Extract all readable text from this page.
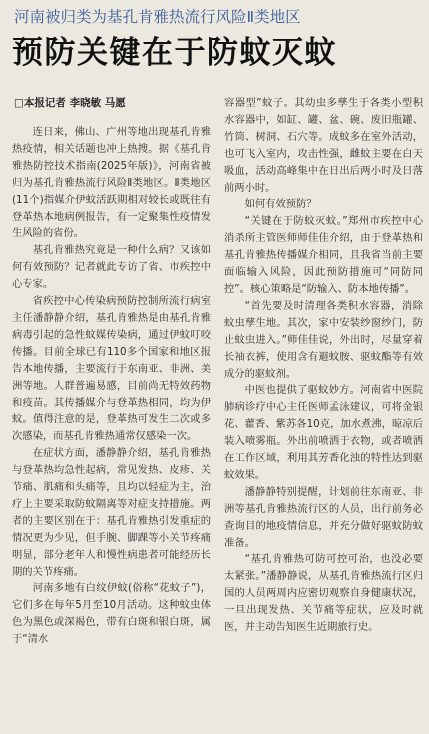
河南被归类为基孔肯雅热流行风险Ⅱ类地区
预防关键在于防蚊灭蚊
□本报记者 李晓敏 马愿

连日来，佛山、广州等地出现基孔肯雅热疫情，相关话题也冲上热搜。据《基孔肯雅热防控技术指南(2025年版)》，河南省被归为基孔肯雅热流行风险Ⅱ类地区。Ⅱ类地区(11个)指媒介伊蚊活跃期相对较长或既往有登革热本地病例报告，有一定聚集性疫情发生风险的省份。

基孔肯雅热究竟是一种什么病？又该如何有效预防？记者就此专访了省、市疾控中心专家。

省疾控中心传染病预防控制所流行病室主任潘静静介绍，基孔肯雅热是由基孔肯雅病毒引起的急性蚊媒传染病，通过伊蚊叮咬传播。目前全球已有110多个国家和地区报告本地传播，主要流行于东南亚、非洲、美洲等地。人群普遍易感，目前尚无特效药物和疫苗。其传播媒介与登革热相同，均为伊蚊。值得注意的是，登革热可发生二次或多次感染，而基孔肯雅热通常仅感染一次。

在症状方面，潘静静介绍，基孔肯雅热与登革热均急性起病，常见发热、皮疹、关节痛、肌痛和头痛等，且均以轻症为主，治疗上主要采取防蚊隔离等对症支持措施。两者的主要区别在于：基孔肯雅热引发重症的情况更为少见，但手腕、脚踝等小关节疼痛明显，部分老年人和慢性病患者可能经历长期的关节疼痛。

河南多地有白纹伊蚊(俗称“花蚊子”)，它们多在每年5月至10月活动。这种蚊虫体色为黑色或深褐色，带有白斑和银白斑，属于“清水

容器型”蚊子。其幼虫多孳生于各类小型积水容器中，如缸、罐、盆、碗、废旧瓶罐、竹筒、树洞、石穴等。成蚊多在室外活动，也可飞入室内，攻击性强，雌蚊主要在白天吸血，活动高峰集中在日出后两小时及日落前两小时。

如何有效预防？

“关键在于防蚊灭蚊。”郑州市疾控中心消杀所主管医师师佳佳介绍，由于登革热和基孔肯雅热传播媒介相同，且我省当前主要面临输入风险，因此预防措施可“同防同控”。核心策略是“防输入、防本地传播”。

“首先要及时清理各类积水容器，消除蚊虫孳生地。其次，家中安装纱窗纱门，防止蚊虫进入。”师佳佳说，外出时，尽量穿着长袖衣裤，使用含有避蚊胺、驱蚊酯等有效成分的驱蚊剂。

中医也提供了驱蚊妙方。河南省中医院肺病诊疗中心主任医师孟泳建议，可将金银花、藿香、紫苏各10克，加水煮沸，晾凉后装入喷雾瓶。外出前喷洒于衣物，或者喷洒在工作区域，利用其芳香化浊的特性达到驱蚊效果。

潘静静特别提醒，计划前往东南亚、非洲等基孔肯雅热流行区的人员，出行前务必查询目的地疫情信息，并充分做好驱蚊防蚊准备。

“基孔肯雅热可防可控可治，也没必要太紧张。”潘静静说，从基孔肯雅热流行区归国的人员两周内应密切观察自身健康状况，一旦出现发热、关节痛等症状，应及时就医，并主动告知医生近期旅行史。
